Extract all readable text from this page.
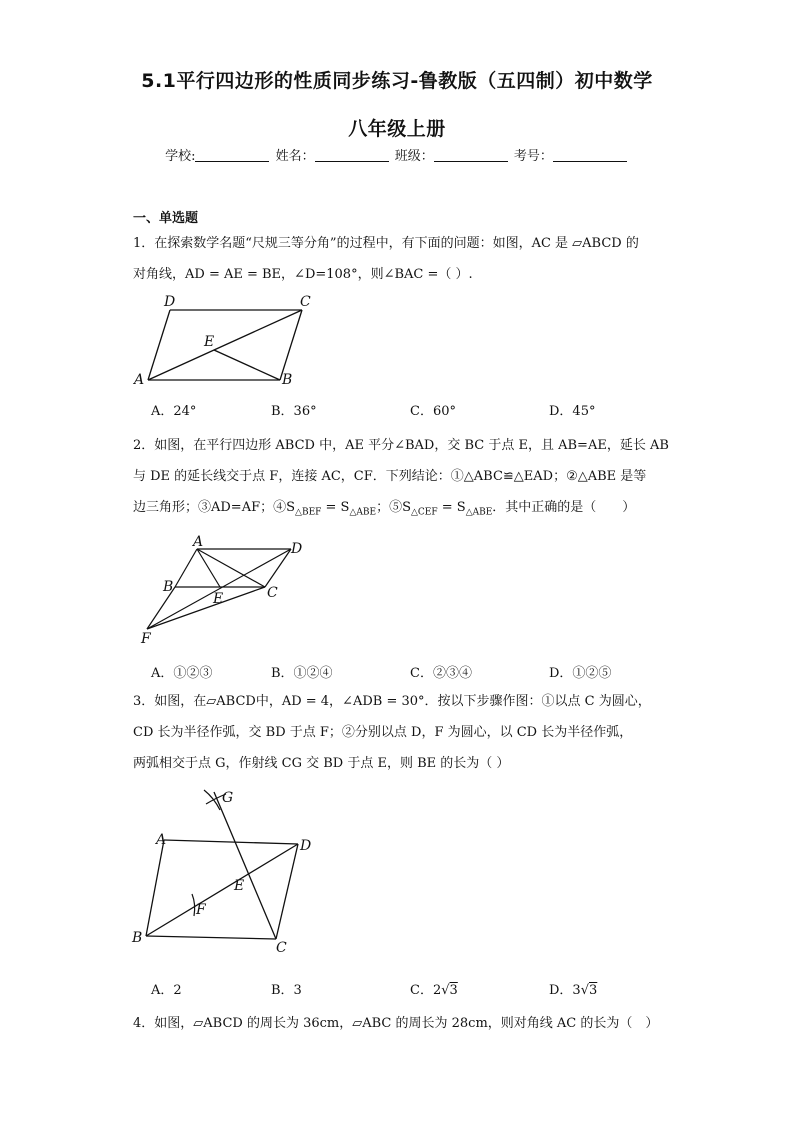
5.1平行四边形的性质同步练习-鲁教版（五四制）初中数学
八年级上册
学校:	姓名：	班级：	考号：
一、单选题
1．在探索数学名题“尺规三等分角”的过程中，有下面的问题：如图，AC 是 ▱ABCD 的
对角线，AD = AE = BE，∠D=108°，则∠BAC =（ ）.
D	C
E
A	B
A．24°	B．36°	C．60°	D．45°
2．如图，在平行四边形 ABCD 中，AE 平分∠BAD，交 BC 于点 E，且 AB=AE，延长 AB
与 DE 的延长线交于点 F，连接 AC，CF．下列结论：①△ABC≌△EAD；②△ABE 是等
边三角形；③AD=AF；$④S_{\triangle BEF} = S_{\triangle ABE}$；$⑤S_{\triangle CEF} = S_{\triangle ABE}$．其中正确的是（　　）
A	D
B
E	C
F
A．①②③	B．①②④	C．②③④	D．①②⑤
3．如图，在▱ABCD中，AD = 4，∠ADB = 30°．按以下步骤作图：①以点 C 为圆心，
CD 长为半径作弧，交 BD 于点 F；②分别以点 D，F 为圆心，以 CD 长为半径作弧，
两弧相交于点 G，作射线 CG 交 BD 于点 E，则 BE 的长为（ ）
G
A	D
E
F
B
C
A．2	B．3	C．2√3	D．3√3
4．如图，▱ABCD 的周长为 36cm，▱ABC 的周长为 28cm，则对角线 AC 的长为（　）
